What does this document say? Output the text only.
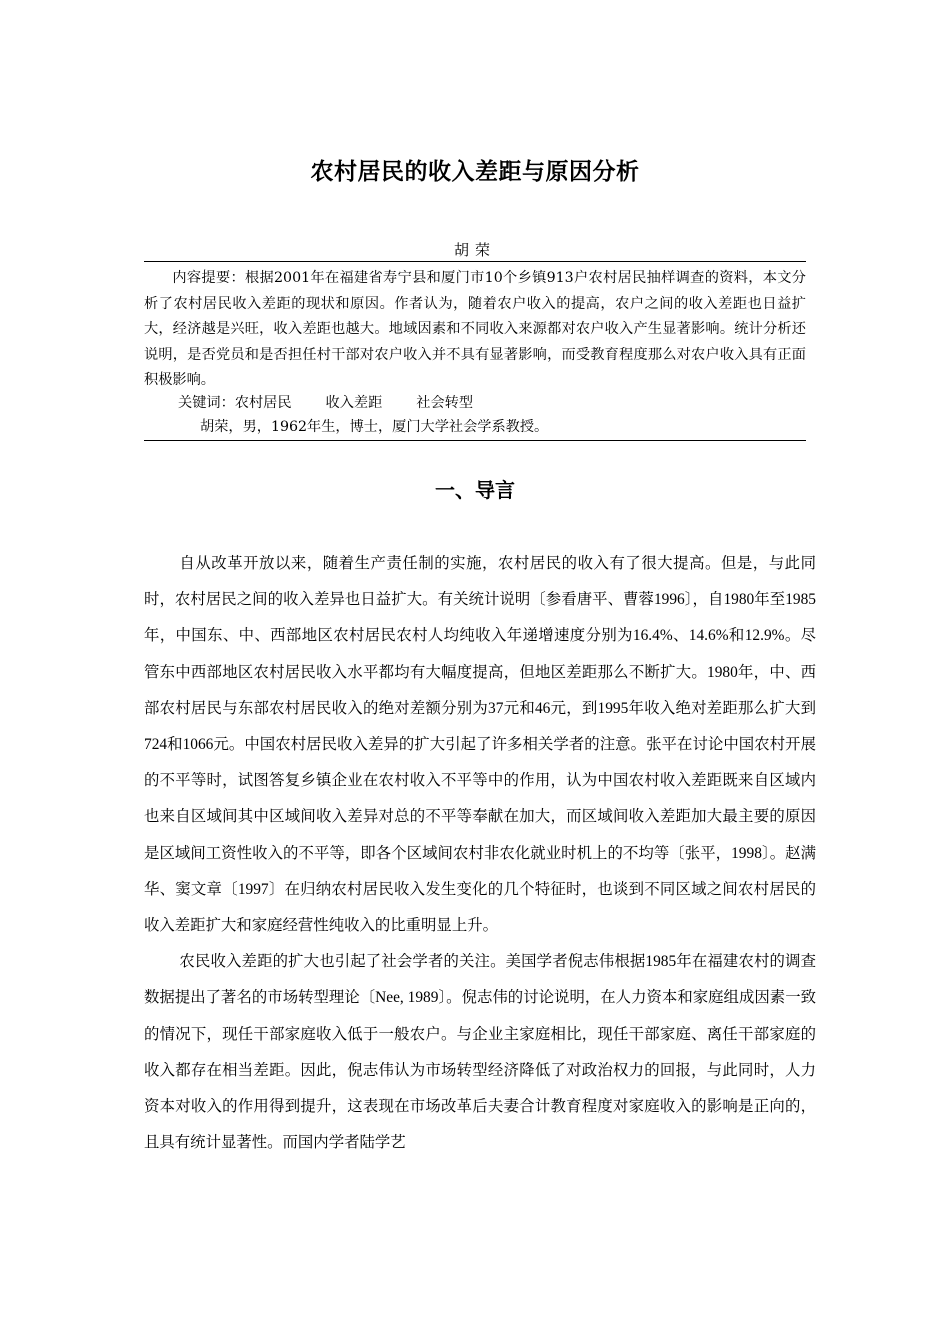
农村居民的收入差距与原因分析
胡荣

内容提要：根据2001年在福建省寿宁县和厦门市10个乡镇913户农村居民抽样调查的资料，本文分析了农村居民收入差距的现状和原因。作者认为，随着农户收入的提高，农户之间的收入差距也日益扩大，经济越是兴旺，收入差距也越大。地域因素和不同收入来源都对农户收入产生显著影响。统计分析还说明，是否党员和是否担任村干部对农户收入并不具有显著影响，而受教育程度那么对农户收入具有正面积极影响。

关键词：农村居民 收入差距 社会转型
胡荣，男，1962年生，博士，厦门大学社会学系教授。
一、导言

自从改革开放以来，随着生产责任制的实施，农村居民的收入有了很大提高。但是，与此同时，农村居民之间的收入差异也日益扩大。有关统计说明〔参看唐平、曹蓉1996〕，自1980年至1985年，中国东、中、西部地区农村居民农村人均纯收入年递增速度分别为16.4%、14.6%和12.9%。尽管东中西部地区农村居民收入水平都均有大幅度提高，但地区差距那么不断扩大。1980年，中、西部农村居民与东部农村居民收入的绝对差额分别为37元和46元，到1995年收入绝对差距那么扩大到724和1066元。中国农村居民收入差异的扩大引起了许多相关学者的注意。张平在讨论中国农村开展的不平等时，试图答复乡镇企业在农村收入不平等中的作用，认为中国农村收入差距既来自区域内也来自区域间其中区域间收入差异对总的不平等奉献在加大，而区域间收入差距加大最主要的原因是区域间工资性收入的不平等，即各个区域间农村非农化就业时机上的不均等〔张平，1998〕。赵满华、窦文章〔1997〕在归纳农村居民收入发生变化的几个特征时，也谈到不同区域之间农村居民的收入差距扩大和家庭经营性纯收入的比重明显上升。

农民收入差距的扩大也引起了社会学者的关注。美国学者倪志伟根据1985年在福建农村的调查数据提出了著名的市场转型理论〔Nee, 1989〕。倪志伟的讨论说明，在人力资本和家庭组成因素一致的情况下，现任干部家庭收入低于一般农户。与企业主家庭相比，现任干部家庭、离任干部家庭的收入都存在相当差距。因此，倪志伟认为市场转型经济降低了对政治权力的回报，与此同时，人力资本对收入的作用得到提升，这表现在市场改革后夫妻合计教育程度对家庭收入的影响是正向的，且具有统计显著性。而国内学者陆学艺
